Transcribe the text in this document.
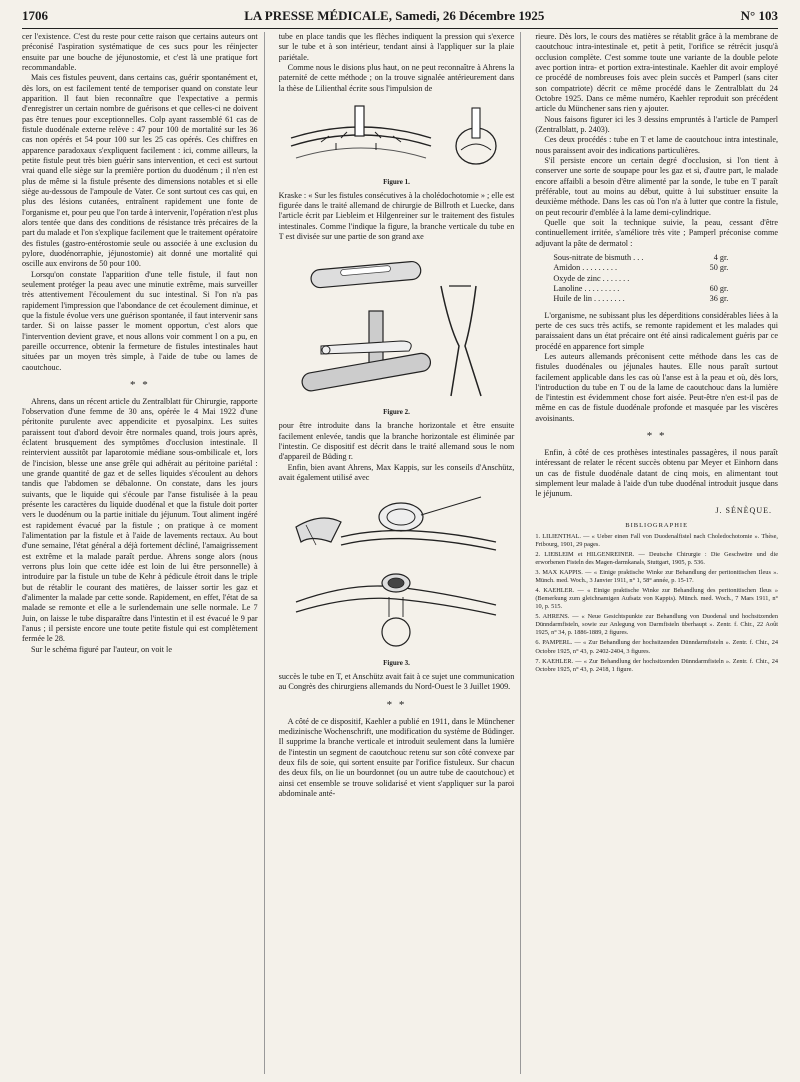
1706	LA PRESSE MÉDICALE, Samedi, 26 Décembre 1925	N° 103

cer l'existence. C'est du reste pour cette raison que certains auteurs ont préconisé l'aspiration systématique de ces sucs pour les réinjecter ensuite par une bouche de jéjunostomie, et c'est là une pratique fort recommandable.

Mais ces fistules peuvent, dans certains cas, guérir spontanément et, dès lors, on est facilement tenté de temporiser quand on constate leur apparition. Il faut bien reconnaître que l'expectative a permis d'enregistrer un certain nombre de guérisons et que celles-ci ne doivent pas être tenues pour exceptionnelles. Colp ayant rassemblé 61 cas de fistule duodénale externe relève : 47 pour 100 de mortalité sur les 36 cas non opérés et 54 pour 100 sur les 25 cas opérés. Ces chiffres en apparence paradoxaux s'expliquent facilement : ici, comme ailleurs, la petite fistule peut très bien guérir sans intervention, et ceci est surtout vrai quand elle siège sur la première portion du duodénum ; il n'en est plus de même si la fistule présente des dimensions notables et si elle siège au-dessous de l'ampoule de Vater. Ce sont surtout ces cas qui, en plus des lésions cutanées, entraînent rapidement une fonte de l'organisme et, pour peu que l'on tarde à intervenir, l'opération n'est plus alors tentée que dans des conditions de résistance très précaires de la part du malade et l'on s'explique facilement que le traitement opératoire des fistules (gastro-entérostomie seule ou associée à une exclusion du pylore, duodénorraphie, jéjunostomie) ait donné une mortalité qui oscille aux environs de 50 pour 100.

Lorsqu'on constate l'apparition d'une telle fistule, il faut non seulement protéger la peau avec une minutie extrême, mais surveiller très attentivement l'écoulement du suc intestinal. Si l'on n'a pas rapidement l'impression que l'abondance de cet écoulement diminue, et que la fistule évolue vers une guérison spontanée, il faut intervenir sans tarder. Si on laisse passer le moment opportun, c'est alors que l'intervention devient grave, et nous allons voir comment l on a pu, en pareille occurrence, obtenir la fermeture de fistules intestinales haut situées par un moyen très simple, à l'aide de tube ou lames de caoutchouc.

* *

Ahrens, dans un récent article du Zentralblatt für Chirurgie, rapporte l'observation d'une femme de 30 ans, opérée le 4 Mai 1922 d'une péritonite purulente avec appendicite et pyosalpinx. Les suites paraissent tout d'abord devoir être normales quand, trois jours après, éclatent brusquement des symptômes d'occlusion intestinale. Il reintervient aussitôt par laparotomie médiane sous-ombilicale et, lors de l'incision, blesse une anse grêle qui adhérait au péritoine pariétal : une grande quantité de gaz et de selles liquides s'écoulent au dehors tandis que l'abdomen se débalonne. On constate, dans les jours suivants, que le liquide qui s'écoule par l'anse fistulisée à la peau présente les caractères du liquide duodénal et que la fistule doit porter vers le duodénum ou la partie initiale du jéjunum. Tout aliment ingéré est rapidement évacué par la fistule ; on pratique à ce moment l'alimentation par la fistule et à l'aide de lavements rectaux. Au bout d'une semaine, l'état général a déjà fortement décliné, l'amaigrissement est extrême et la malade paraît perdue. Ahrens songe alors (nous verrons plus loin que cette idée est loin de lui être personnelle) à introduire par la fistule un tube de Kehr à pédicule étroit dans le triple but de rétablir le courant des matières, de laisser sortir les gaz et d'alimenter la malade par cette sonde. Rapidement, en effet, l'état de sa malade se remonte et elle a le surlendemain une selle normale. Le 7 Juin, on laisse le tube disparaître dans l'intestin et il est évacué le 9 par l'anus ; il persiste encore une toute petite fistule qui est complètement fermée le 28.

Sur le schéma figuré par l'auteur, on voit le

tube en place tandis que les flèches indiquent la pression qui s'exerce sur le tube et à son intérieur, tendant ainsi à l'appliquer sur la plaie pariétale.

Comme nous le disions plus haut, on ne peut reconnaître à Ahrens la paternité de cette méthode ; on la trouve signalée antérieurement dans la thèse de Lilienthal écrite sous l'impulsion de

Figure 1.

Kraske : « Sur les fistules consécutives à la cholédochotomie » ; elle est figurée dans le traité allemand de chirurgie de Billroth et Luecke, dans l'article écrit par Liebleim et Hilgenreiner sur le traitement des fistules intestinales. Comme l'indique la figure, la branche verticale du tube en T est divisée sur une partie de son grand axe

Figure 2.

pour être introduite dans la branche horizontale et être ensuite facilement enlevée, tandis que la branche horizontale est éliminée par l'intestin. Ce dispositif est décrit dans le traité allemand sous le nom d'appareil de Büding r.

Enfin, bien avant Ahrens, Max Kappis, sur les conseils d'Anschütz, avait également utilisé avec

Figure 3.

succès le tube en T, et Anschütz avait fait à ce sujet une communication au Congrès des chirurgiens allemands du Nord-Ouest le 3 Juillet 1909.

* *

A côté de ce dispositif, Kaehler a publié en 1911, dans le Münchener medizinische Wochenschrift, une modification du système de Büdinger. Il supprime la branche verticale et introduit seulement dans la lumière de l'intestin un segment de caoutchouc retenu sur son côté convexe par deux fils de soie, qui sortent ensuite par l'orifice fistuleux. Sur chacun des deux fils, on lie un bourdonnet (ou un autre tube de caoutchouc) et ainsi cet ensemble se trouve solidarisé et vient s'appliquer sur la paroi abdominale anté-

rieure. Dès lors, le cours des matières se rétablit grâce à la membrane de caoutchouc intra-intestinale et, petit à petit, l'orifice se rétrécit jusqu'à occlusion complète. C'est somme toute une variante de la double pelote avec portion intra- et portion extra-intestinale. Kaehler dit avoir employé ce procédé de nombreuses fois avec plein succès et Pamperl (sans citer son compatriote) décrit ce même procédé dans le Zentralblatt du 24 Octobre 1925. Dans ce même numéro, Kaehler reproduit son précédent article du Münchener sans rien y ajouter.

Nous faisons figurer ici les 3 dessins empruntés à l'article de Pamperl (Zentralblatt, p. 2403).

Ces deux procédés : tube en T et lame de caoutchouc intra intestinale, nous paraissent avoir des indications particulières.

S'il persiste encore un certain degré d'occlusion, si l'on tient à conserver une sorte de soupape pour les gaz et si, d'autre part, le malade encore affaibli a besoin d'être alimenté par la sonde, le tube en T paraît préférable, tout au moins au début, quitte à lui substituer ensuite la deuxième méthode. Dans les cas où l'on n'a à lutter que contre la fistule, on peut recourir d'emblée à la lame demi-cylindrique.

Quelle que soit la technique suivie, la peau, cessant d'être continuellement irritée, s'améliore très vite ; Pamperl préconise comme adjuvant la pâte de dermatol :

Sous-nitrate de bismuth . . .	4 gr.
Amidon . . . . . . . . .	50 gr.
Oxyde de zinc . . . . . . .
Lanoline . . . . . . . . .	60 gr.
Huile de lin . . . . . . . .	36 gr.

L'organisme, ne subissant plus les déperditions considérables liées à la perte de ces sucs très actifs, se remonte rapidement et les malades qui paraissaient dans un état précaire ont été ainsi radicalement guéris par ce procédé en apparence fort simple

Les auteurs allemands préconisent cette méthode dans les cas de fistules duodénales ou jéjunales hautes. Elle nous paraît surtout facilement applicable dans les cas où l'anse est à la peau et où, dès lors, l'introduction du tube en T ou de la lame de caoutchouc dans la lumière de l'intestin est évidemment chose fort aisée. Peut-être n'en est-il pas de même en cas de fistule duodénale profonde et masquée par les viscères avoisinants.

* *

Enfin, à côté de ces prothèses intestinales passagères, il nous paraît intéressant de relater le récent succès obtenu par Meyer et Einhorn dans un cas de fistule duodénale datant de cinq mois, en alimentant tout simplement leur malade à l'aide d'un tube duodénal introduit jusque dans le jéjunum.

J. SÉNÈQUE.
BIBLIOGRAPHIE

1. LILIENTHAL. — « Ueber einen Fall von Duodenalfistel nach Choledochotomie ». Thèse, Fribourg, 1901, 29 pages.

2. LIEBLEIM et HILGENREINER. — Deutsche Chirurgie : Die Geschwüre und die erworbenen Fisteln des Magen-darmkanals, Stuttgart, 1905, p. 536.

3. MAX KAPPIS. — « Einige praktische Winke zur Behandlung der peritonitischen Ileus ». Münch. med. Woch., 3 Janvier 1911, n° 1, 58° année, p. 15-17.

4. KAEHLER. — « Einige praktische Winke zur Behandlung des peritonitischen Ileus » (Bemerkung zum gleichnamigen Aufsatz von Kappis). Münch. med. Woch., 7 Mars 1911, n° 10, p. 515.

5. AHRENS. — « Neue Gesichtspunkte zur Behandlung von Duodenal und hochsitzenden Dünndarmfisteln, sowie zur Anlegung von Darmfisteln überhaupt ». Zentr. f. Chir., 22 Août 1925, n° 34, p. 1886-1889, 2 figures.

6. PAMPERL. — « Zur Behandlung der hochsitzenden Dünndarmfisteln ». Zentr. f. Chir., 24 Octobre 1925, n° 43, p. 2402-2404, 3 figures.

7. KAEHLER. — « Zur Behandlung der hochsitzenden Dünndarmfisteln ». Zentr. f. Chir., 24 Octobre 1925, n° 43, p. 2418, 1 figure.
